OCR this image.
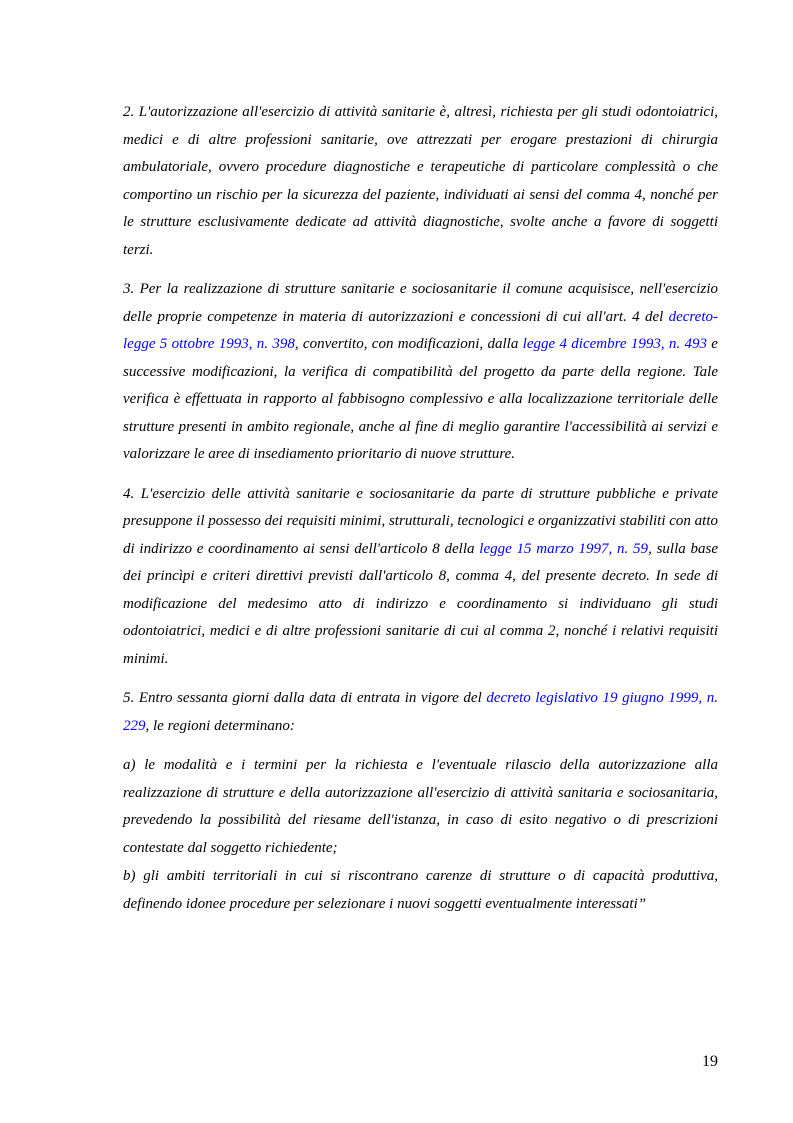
2. L'autorizzazione all'esercizio di attività sanitarie è, altresì, richiesta per gli studi odontoiatrici, medici e di altre professioni sanitarie, ove attrezzati per erogare prestazioni di chirurgia ambulatoriale, ovvero procedure diagnostiche e terapeutiche di particolare complessità o che comportino un rischio per la sicurezza del paziente, individuati ai sensi del comma 4, nonché per le strutture esclusivamente dedicate ad attività diagnostiche, svolte anche a favore di soggetti terzi.

3. Per la realizzazione di strutture sanitarie e sociosanitarie il comune acquisisce, nell'esercizio delle proprie competenze in materia di autorizzazioni e concessioni di cui all'art. 4 del decreto-legge 5 ottobre 1993, n. 398, convertito, con modificazioni, dalla legge 4 dicembre 1993, n. 493 e successive modificazioni, la verifica di compatibilità del progetto da parte della regione. Tale verifica è effettuata in rapporto al fabbisogno complessivo e alla localizzazione territoriale delle strutture presenti in ambito regionale, anche al fine di meglio garantire l'accessibilità ai servizi e valorizzare le aree di insediamento prioritario di nuove strutture.

4. L'esercizio delle attività sanitarie e sociosanitarie da parte di strutture pubbliche e private presuppone il possesso dei requisiti minimi, strutturali, tecnologici e organizzativi stabiliti con atto di indirizzo e coordinamento ai sensi dell'articolo 8 della legge 15 marzo 1997, n. 59, sulla base dei princìpi e criteri direttivi previsti dall'articolo 8, comma 4, del presente decreto. In sede di modificazione del medesimo atto di indirizzo e coordinamento si individuano gli studi odontoiatrici, medici e di altre professioni sanitarie di cui al comma 2, nonché i relativi requisiti minimi.

5. Entro sessanta giorni dalla data di entrata in vigore del decreto legislativo 19 giugno 1999, n. 229, le regioni determinano:

a) le modalità e i termini per la richiesta e l'eventuale rilascio della autorizzazione alla realizzazione di strutture e della autorizzazione all'esercizio di attività sanitaria e sociosanitaria, prevedendo la possibilità del riesame dell'istanza, in caso di esito negativo o di prescrizioni contestate dal soggetto richiedente;

b) gli ambiti territoriali in cui si riscontrano carenze di strutture o di capacità produttiva, definendo idonee procedure per selezionare i nuovi soggetti eventualmente interessati”

19
